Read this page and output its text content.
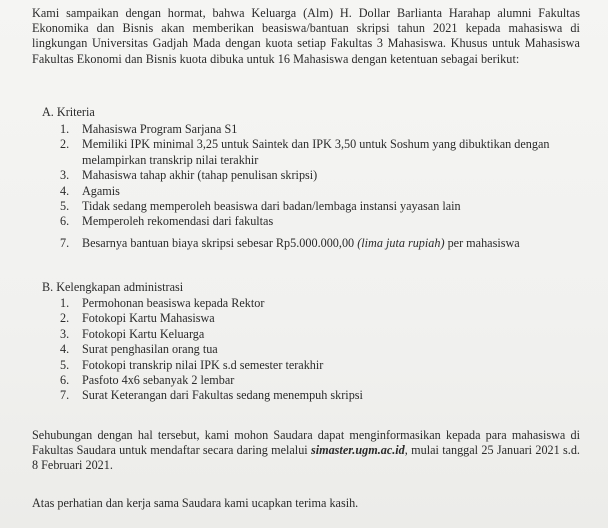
Kami sampaikan dengan hormat, bahwa Keluarga (Alm) H. Dollar Barlianta Harahap alumni Fakultas Ekonomika dan Bisnis akan memberikan beasiswa/bantuan skripsi tahun 2021 kepada mahasiswa di lingkungan Universitas Gadjah Mada dengan kuota setiap Fakultas 3 Mahasiswa. Khusus untuk Mahasiswa Fakultas Ekonomi dan Bisnis kuota dibuka untuk 16 Mahasiswa dengan ketentuan sebagai berikut:

A. Kriteria
1. Mahasiswa Program Sarjana S1
2. Memiliki IPK minimal 3,25 untuk Saintek dan IPK 3,50 untuk Soshum yang dibuktikan dengan melampirkan transkrip nilai terakhir
3. Mahasiswa tahap akhir (tahap penulisan skripsi)
4. Agamis
5. Tidak sedang memperoleh beasiswa dari badan/lembaga instansi yayasan lain
6. Memperoleh rekomendasi dari fakultas
7. Besarnya bantuan biaya skripsi sebesar Rp5.000.000,00 (lima juta rupiah) per mahasiswa
B. Kelengkapan administrasi
1. Permohonan beasiswa kepada Rektor
2. Fotokopi Kartu Mahasiswa
3. Fotokopi Kartu Keluarga
4. Surat penghasilan orang tua
5. Fotokopi transkrip nilai IPK s.d semester terakhir
6. Pasfoto 4x6 sebanyak 2 lembar
7. Surat Keterangan dari Fakultas sedang menempuh skripsi

Sehubungan dengan hal tersebut, kami mohon Saudara dapat menginformasikan kepada para mahasiswa di Fakultas Saudara untuk mendaftar secara daring melalui simaster.ugm.ac.id, mulai tanggal 25 Januari 2021 s.d. 8 Februari 2021.

Atas perhatian dan kerja sama Saudara kami ucapkan terima kasih.
